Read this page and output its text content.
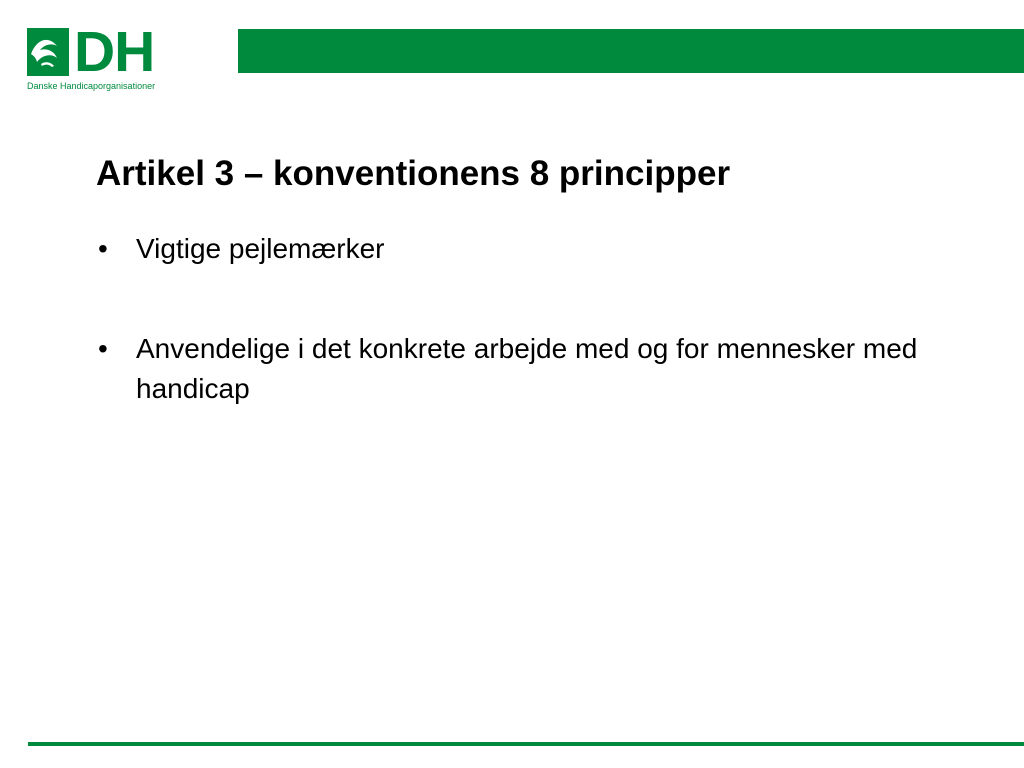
DH
Danske Handicaporganisationer
Artikel 3 – konventionens 8 principper
• Vigtige pejlemærker
• Anvendelige i det konkrete arbejde med og for mennesker med handicap
